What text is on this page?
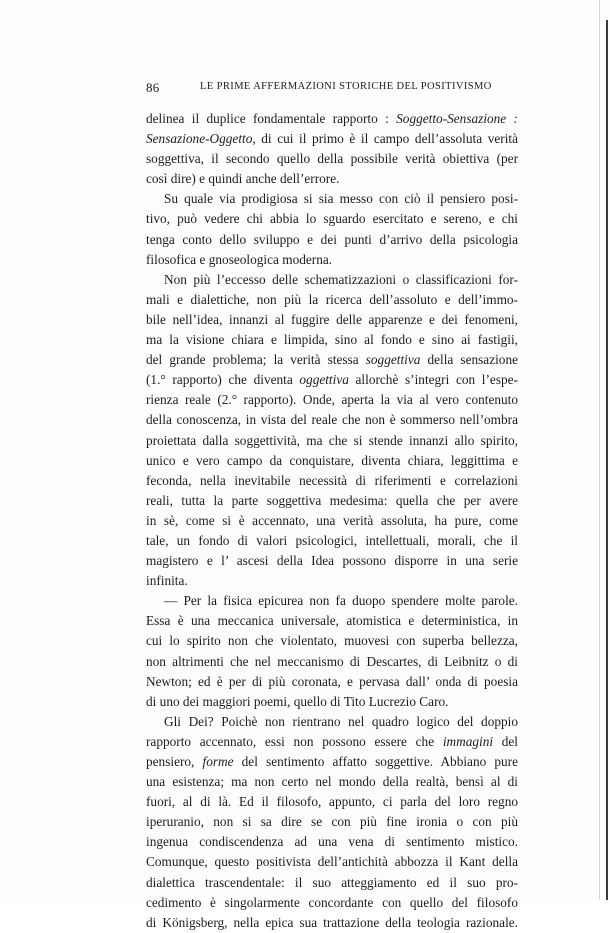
86	LE PRIME AFFERMAZIONI STORICHE DEL POSITIVISMO
delinea il duplice fondamentale rapporto : Soggetto-Sensazione :
Sensazione-Oggetto, di cui il primo è il campo dell’assoluta verità
soggettiva, il secondo quello della possibile verità obiettiva (per
così dire) e quindi anche dell’errore.
Su quale via prodigiosa si sia messo con ciò il pensiero posi-
tivo, può vedere chi abbia lo sguardo esercitato e sereno, e chi
tenga conto dello sviluppo e dei punti d’arrivo della psicologia
filosofica e gnoseologica moderna.
Non più l’eccesso delle schematizzazioni o classificazioni for-
mali e dialettiche, non più la ricerca dell’assoluto e dell’immo-
bile nell’idea, innanzi al fuggire delle apparenze e dei fenomeni,
ma la visione chiara e limpida, sino al fondo e sino ai fastigii,
del grande problema; la verità stessa soggettiva della sensazione
(1.° rapporto) che diventa oggettiva allorchè s’integri con l’espe-
rienza reale (2.° rapporto). Onde, aperta la via al vero contenuto
della conoscenza, in vista del reale che non è sommerso nell’ombra
proiettata dalla soggettività, ma che si stende innanzi allo spirito,
unico e vero campo da conquistare, diventa chiara, leggittima e
feconda, nella inevitabile necessità di riferimenti e correlazioni
reali, tutta la parte soggettiva medesima: quella che per avere
in sè, come si è accennato, una verità assoluta, ha pure, come
tale, un fondo di valori psicologici, intellettuali, morali, che il
magistero e l’ ascesi della Idea possono disporre in una serie
infinita.
— Per la fisica epicurea non fa duopo spendere molte parole.
Essa è una meccanica universale, atomistica e deterministica, in
cui lo spirito non che violentato, muovesi con superba bellezza,
non altrimenti che nel meccanismo di Descartes, di Leibnitz o di
Newton; ed è per di più coronata, e pervasa dall’ onda di poesia
di uno dei maggiori poemi, quello di Tito Lucrezio Caro.
Gli Dei? Poichè non rientrano nel quadro logico del doppio
rapporto accennato, essi non possono essere che immagini del
pensiero, forme del sentimento affatto soggettive. Abbiano pure
una esistenza; ma non certo nel mondo della realtà, bensì al di
fuori, al di là. Ed il filosofo, appunto, ci parla del loro regno
iperuranio, non si sa dire se con più fine ironia o con più
ingenua condiscendenza ad una vena di sentimento mistico.
Comunque, questo positivista dell’antichità abbozza il Kant della
dialettica trascendentale: il suo atteggiamento ed il suo pro-
cedimento è singolarmente concordante con quello del filosofo
di Königsberg, nella epica sua trattazione della teologia razionale.
